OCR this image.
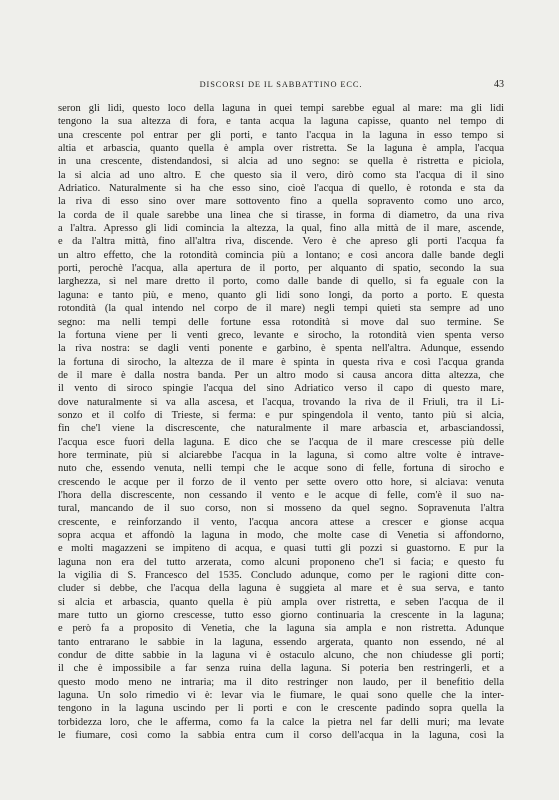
DISCORSI DE IL SABBATTINO ECC.	43
seron gli lidi, questo loco della laguna in quei tempi sarebbe egual al mare: ma gli lidi
tengono la sua altezza di fora, e tanta acqua la laguna capisse, quanto nel tempo di
una crescente pol entrar per gli porti, e tanto l'acqua in la laguna in esso tempo si
altia et arbascia, quanto quella è ampla over ristretta. Se la laguna è ampla, l'acqua
in una crescente, distendandosi, si alcia ad uno segno: se quella è ristretta e piciola,
la si alcia ad uno altro. E che questo sia il vero, dirò como sta l'acqua di il sino
Adriatico. Naturalmente si ha che esso sino, cioè l'acqua di quello, è rotonda e sta da
la riva di esso sino over mare sottovento fino a quella sopravento como uno arco,
la corda de il quale sarebbe una linea che si tirasse, in forma di diametro, da una riva
a l'altra. Apresso gli lidi comincia la altezza, la qual, fino alla mittà de il mare, ascende,
e da l'altra mittà, fino all'altra riva, discende. Vero è che apreso gli porti l'acqua fa
un altro effetto, che la rotondità comincia più a lontano; e così ancora dalle bande degli
porti, perochè l'acqua, alla apertura de il porto, per alquanto di spatio, secondo la sua
larghezza, sì nel mare dretto il porto, como dalle bande di quello, si fa eguale con la
laguna: e tanto più, e meno, quanto gli lidi sono longi, da porto a porto. E questa
rotondità (la qual intendo nel corpo de il mare) negli tempi quieti sta sempre ad uno
segno: ma nelli tempi delle fortune essa rotondità si move dal suo termine. Se
la fortuna viene per li venti greco, levante e sirocho, la rotondità vien spenta verso
la riva nostra: se dagli venti ponente e garbino, è spenta nell'altra. Adunque, essendo
la fortuna di sirocho, la altezza de il mare è spinta in questa riva e così l'acqua granda
de il mare è dalla nostra banda. Per un altro modo si causa ancora ditta altezza, che
il vento di siroco spingie l'acqua del sino Adriatico verso il capo di questo mare,
dove naturalmente si va alla ascesa, et l'acqua, trovando la riva de il Friuli, tra il Li-
sonzo et il colfo di Trieste, si ferma: e pur spingendola il vento, tanto più si alcia,
fin che'l viene la discrescente, che naturalmente il mare arbascia et, arbasciandossi,
l'acqua esce fuori della laguna. E dico che se l'acqua de il mare crescesse più delle
hore terminate, più si alciarebbe l'acqua in la laguna, sì como altre volte è intrave-
nuto che, essendo venuta, nelli tempi che le acque sono di felle, fortuna di sirocho e
crescendo le acque per il forzo de il vento per sette overo otto hore, si alciava: venuta
l'hora della discrescente, non cessando il vento e le acque di felle, com'è il suo na-
tural, mancando de il suo corso, non si mosseno da quel segno. Sopravenuta l'altra
crescente, e reinforzando il vento, l'acqua ancora attese a crescer e gionse acqua
sopra acqua et affondò la laguna in modo, che molte case di Venetia si affondorno,
e molti magazzeni se impiteno di acqua, e quasi tutti gli pozzi si guastorno. E pur la
laguna non era del tutto arzerata, como alcuni proponeno che'l si facia; e questo fu
la vigilia di S. Francesco del 1535. Concludo adunque, como per le ragioni ditte con-
cluder si debbe, che l'acqua della laguna è suggieta al mare et è sua serva, e tanto
si alcia et arbascia, quanto quella è più ampla over ristretta, e seben l'acqua de il
mare tutto un giorno crescesse, tutto esso giorno continuaria la crescente in la laguna;
e però fa a proposito di Venetia, che la laguna sia ampla e non ristretta. Adunque
tanto entrarano le sabbie in la laguna, essendo argerata, quanto non essendo, né al
condur de ditte sabbie in la laguna vi è ostaculo alcuno, che non chiudesse gli porti;
il che è impossibile a far senza ruina della laguna. Si poteria ben restringerli, et a
questo modo meno ne intraria; ma il dito restringer non laudo, per il benefitio della
laguna. Un solo rimedio vi è: levar via le fiumare, le quai sono quelle che la inter-
tengono in la laguna uscindo per li porti e con le crescente padindo sopra quella la
torbidezza loro, che le afferma, como fa la calce la pietra nel far delli muri; ma levate
le fiumare, così como la sabbia entra cum il corso dell'acqua in la laguna, così la
